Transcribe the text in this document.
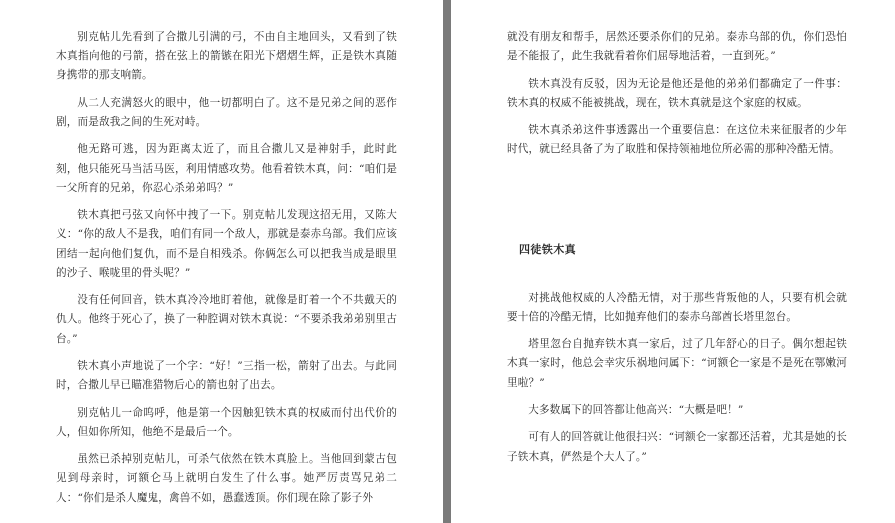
别克帖儿先看到了合撒儿引满的弓，不由自主地回头，又看到了铁木真指向他的弓箭，搭在弦上的箭镞在阳光下熠熠生辉，正是铁木真随身携带的那支响箭。

从二人充满怒火的眼中，他一切都明白了。这不是兄弟之间的恶作剧，而是敌我之间的生死对峙。

他无路可逃，因为距离太近了，而且合撒儿又是神射手，此时此刻，他只能死马当活马医，利用情感攻势。他看着铁木真，问：“咱们是一父所育的兄弟，你忍心杀弟弟吗？”

铁木真把弓弦又向怀中拽了一下。别克帖儿发现这招无用，又陈大义：“你的敌人不是我，咱们有同一个敌人，那就是泰赤乌部。我们应该团结一起向他们复仇，而不是自相残杀。你俩怎么可以把我当成是眼里的沙子、喉咙里的骨头呢？”

没有任何回音，铁木真冷冷地盯着他，就像是盯着一个不共戴天的仇人。他终于死心了，换了一种腔调对铁木真说：“不要杀我弟弟别里古台。”

铁木真小声地说了一个字：“好！”三指一松，箭射了出去。与此同时，合撒儿早已瞄准猎物后心的箭也射了出去。

别克帖儿一命呜呼，他是第一个因触犯铁木真的权威而付出代价的人，但如你所知，他绝不是最后一个。

虽然已杀掉别克帖儿，可杀气依然在铁木真脸上。当他回到蒙古包见到母亲时，诃额仑马上就明白发生了什么事。她严厉责骂兄弟二人：“你们是杀人魔鬼，禽兽不如，愚蠢透顶。你们现在除了影子外

就没有朋友和帮手，居然还要杀你们的兄弟。泰赤乌部的仇，你们恐怕是不能报了，此生我就看着你们屈辱地活着，一直到死。”

铁木真没有反驳，因为无论是他还是他的弟弟们都确定了一件事：铁木真的权威不能被挑战，现在，铁木真就是这个家庭的权威。

铁木真杀弟这件事透露出一个重要信息：在这位未来征服者的少年时代，就已经具备了为了取胜和保持领袖地位所必需的那种冷酷无情。

四徒铁木真

对挑战他权威的人冷酷无情，对于那些背叛他的人，只要有机会就要十倍的冷酷无情，比如抛弃他们的泰赤乌部酋长塔里忽台。

塔里忽台自抛弃铁木真一家后，过了几年舒心的日子。偶尔想起铁木真一家时，他总会幸灾乐祸地问属下：“诃额仑一家是不是死在鄂嫩河里啦？”

大多数属下的回答都让他高兴：“大概是吧！”

可有人的回答就让他很扫兴：“诃额仑一家都还活着，尤其是她的长子铁木真，俨然是个大人了。”
